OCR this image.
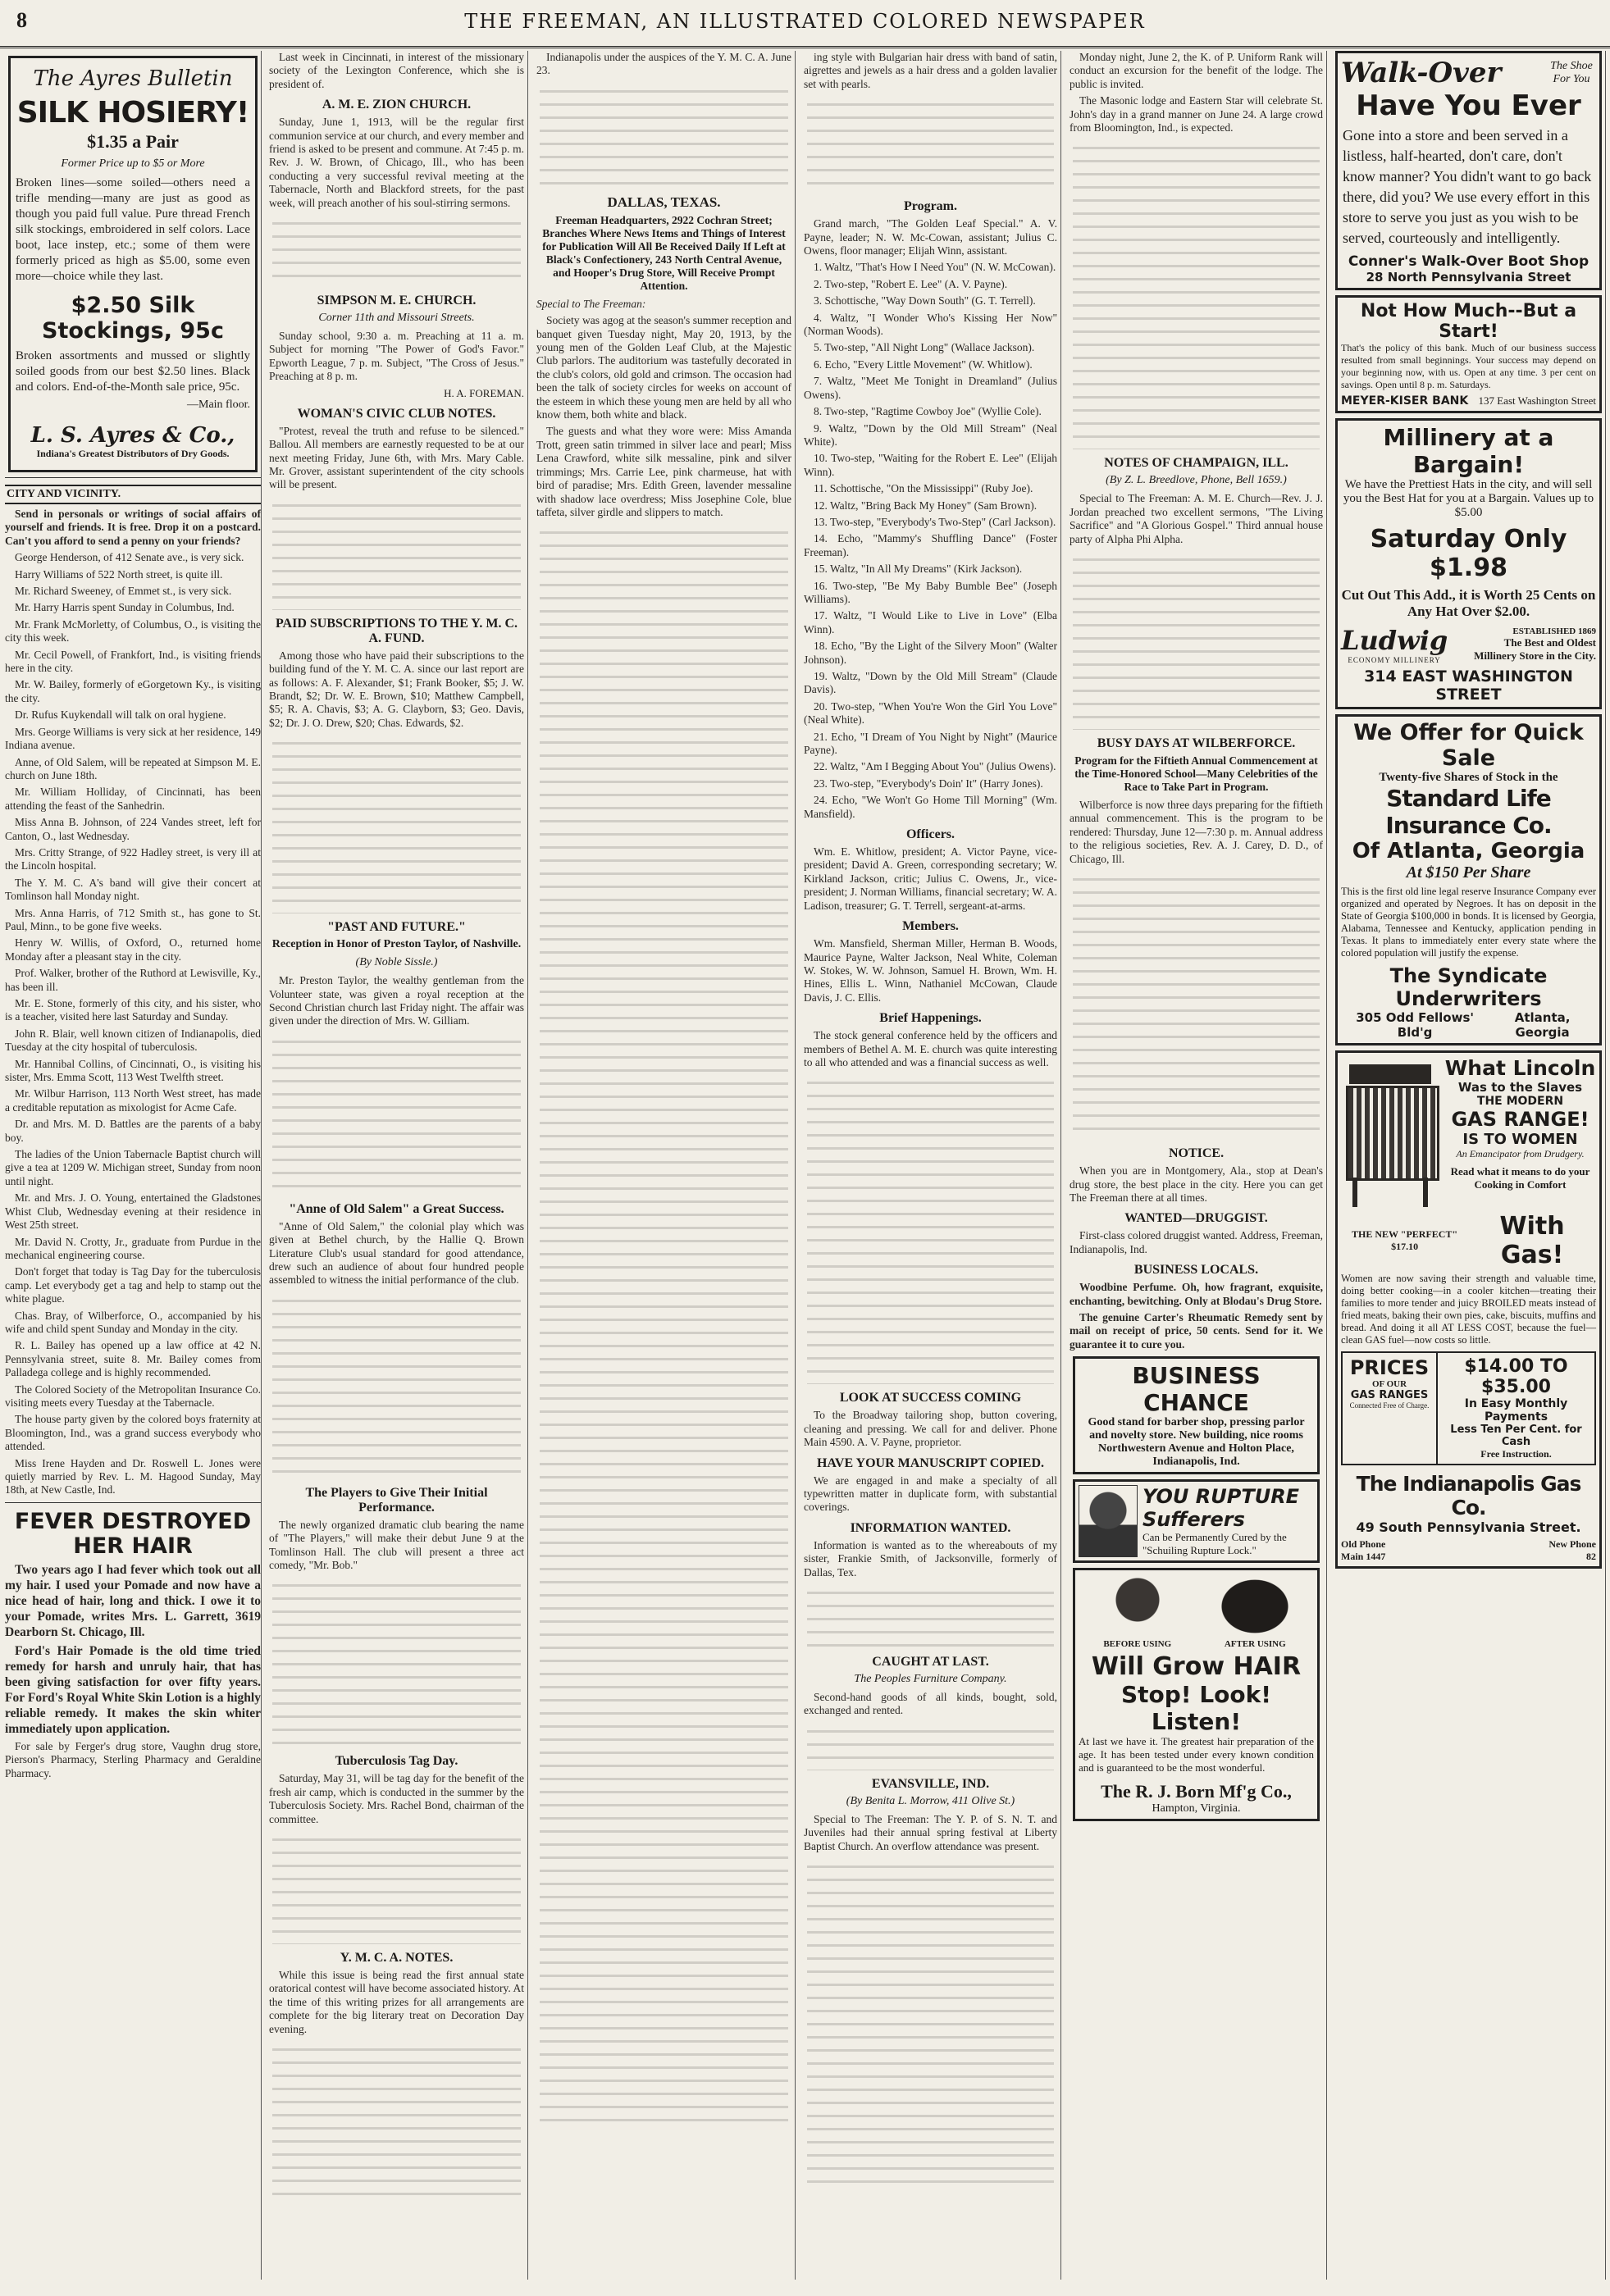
8	THE FREEMAN, AN ILLUSTRATED COLORED NEWSPAPER
The Ayres Bulletin
SILK HOSIERY!
$1.35 a Pair
Former Price up to $5 or More
Broken lines—some soiled—others need a trifle mending—many are just as good as though you paid full value. Pure thread French silk stockings, embroidered in self colors. Lace boot, lace instep, etc.; some of them were formerly priced as high as $5.00, some even more—choice while they last.
$2.50 Silk Stockings, 95c
Broken assortments and mussed or slightly soiled goods from our best $2.50 lines. Black and colors. End-of-the-Month sale price, 95c.
—Main floor.
L. S. Ayres & Co.,
Indiana's Greatest Distributors of Dry Goods.
CITY AND VICINITY.

Send in personals or writings of social affairs of yourself and friends. It is free. Drop it on a postcard. Can't you afford to send a penny on your friends?

George Henderson, of 412 Senate ave., is very sick.

Harry Williams of 522 North street, is quite ill.

Mr. Richard Sweeney, of Emmet st., is very sick.

Mr. Harry Harris spent Sunday in Columbus, Ind.

Mr. Frank McMorletty, of Columbus, O., is visiting the city this week.

Mr. Cecil Powell, of Frankfort, Ind., is visiting friends here in the city.

Mr. W. Bailey, formerly of eGorgetown Ky., is visiting the city.

Dr. Rufus Kuykendall will talk on oral hygiene.

Mrs. George Williams is very sick at her residence, 149 Indiana avenue.

Anne, of Old Salem, will be repeated at Simpson M. E. church on June 18th.

Mr. William Holliday, of Cincinnati, has been attending the feast of the Sanhedrin.

Miss Anna B. Johnson, of 224 Vandes street, left for Canton, O., last Wednesday.

Mrs. Critty Strange, of 922 Hadley street, is very ill at the Lincoln hospital.

The Y. M. C. A's band will give their concert at Tomlinson hall Monday night.

Mrs. Anna Harris, of 712 Smith st., has gone to St. Paul, Minn., to be gone five weeks.

Henry W. Willis, of Oxford, O., returned home Monday after a pleasant stay in the city.

Prof. Walker, brother of the Ruthord at Lewisville, Ky., has been ill.

Mr. E. Stone, formerly of this city, and his sister, who is a teacher, visited here last Saturday and Sunday.

John R. Blair, well known citizen of Indianapolis, died Tuesday at the city hospital of tuberculosis.

Mr. Hannibal Collins, of Cincinnati, O., is visiting his sister, Mrs. Emma Scott, 113 West Twelfth street.

Mr. Wilbur Harrison, 113 North West street, has made a creditable reputation as mixologist for Acme Cafe.

Dr. and Mrs. M. D. Battles are the parents of a baby boy.

The ladies of the Union Tabernacle Baptist church will give a tea at 1209 W. Michigan street, Sunday from noon until night.

Mr. and Mrs. J. O. Young, entertained the Gladstones Whist Club, Wednesday evening at their residence in West 25th street.

Mr. David N. Crotty, Jr., graduate from Purdue in the mechanical engineering course.

Don't forget that today is Tag Day for the tuberculosis camp. Let everybody get a tag and help to stamp out the white plague.

Chas. Bray, of Wilberforce, O., accompanied by his wife and child spent Sunday and Monday in the city.

R. L. Bailey has opened up a law office at 42 N. Pennsylvania street, suite 8. Mr. Bailey comes from Palladega college and is highly recommended.

The Colored Society of the Metropolitan Insurance Co. visiting meets every Tuesday at the Tabernacle.

The house party given by the colored boys fraternity at Bloomington, Ind., was a grand success everybody who attended.

Miss Irene Hayden and Dr. Roswell L. Jones were quietly married by Rev. L. M. Hagood Sunday, May 18th, at New Castle, Ind.

FEVER DESTROYED HER HAIR

Two years ago I had fever which took out all my hair. I used your Pomade and now have a nice head of hair, long and thick. I owe it to your Pomade, writes Mrs. L. Garrett, 3619 Dearborn St. Chicago, Ill.

Ford's Hair Pomade is the old time tried remedy for harsh and unruly hair, that has been giving satisfaction for over fifty years. For Ford's Royal White Skin Lotion is a highly reliable remedy. It makes the skin whiter immediately upon application.

For sale by Ferger's drug store, Vaughn drug store, Pierson's Pharmacy, Sterling Pharmacy and Geraldine Pharmacy.

Last week in Cincinnati, in interest of the missionary society of the Lexington Conference, which she is president of.

A. M. E. ZION CHURCH.

Sunday, June 1, 1913, will be the regular first communion service at our church, and every member and friend is asked to be present and commune. At 7:45 p. m. Rev. J. W. Brown, of Chicago, Ill., who has been conducting a very successful revival meeting at the Tabernacle, North and Blackford streets, for the past week, will preach another of his soul-stirring sermons.

SIMPSON M. E. CHURCH.
Corner 11th and Missouri Streets.

Sunday school, 9:30 a. m. Preaching at 11 a. m. Subject for morning "The Power of God's Favor." Epworth League, 7 p. m. Subject, "The Cross of Jesus." Preaching at 8 p. m.

H. A. FOREMAN.
WOMAN'S CIVIC CLUB NOTES.

"Protest, reveal the truth and refuse to be silenced." Ballou. All members are earnestly requested to be at our next meeting Friday, June 6th, with Mrs. Mary Cable. Mr. Grover, assistant superintendent of the city schools will be present.

PAID SUBSCRIPTIONS TO THE Y. M. C. A. FUND.

Among those who have paid their subscriptions to the building fund of the Y. M. C. A. since our last report are as follows: A. F. Alexander, $1; Frank Booker, $5; J. W. Brandt, $2; Dr. W. E. Brown, $10; Matthew Campbell, $5; R. A. Chavis, $3; A. G. Clayborn, $3; Geo. Davis, $2; Dr. J. O. Drew, $20; Chas. Edwards, $2.

"PAST AND FUTURE."
Reception in Honor of Preston Taylor, of Nashville.
(By Noble Sissle.)

Mr. Preston Taylor, the wealthy gentleman from the Volunteer state, was given a royal reception at the Second Christian church last Friday night. The affair was given under the direction of Mrs. W. Gilliam.

"Anne of Old Salem" a Great Success.

"Anne of Old Salem," the colonial play which was given at Bethel church, by the Hallie Q. Brown Literature Club's usual standard for good attendance, drew such an audience of about four hundred people assembled to witness the initial performance of the club.

The Players to Give Their Initial Performance.

The newly organized dramatic club bearing the name of "The Players," will make their debut June 9 at the Tomlinson Hall. The club will present a three act comedy, "Mr. Bob."

Tuberculosis Tag Day.

Saturday, May 31, will be tag day for the benefit of the fresh air camp, which is conducted in the summer by the Tuberculosis Society. Mrs. Rachel Bond, chairman of the committee.

Y. M. C. A. NOTES.

While this issue is being read the first annual state oratorical contest will have become associated history. At the time of this writing prizes for all arrangements are complete for the big literary treat on Decoration Day evening.

Indianapolis under the auspices of the Y. M. C. A. June 23.

DALLAS, TEXAS.
Freeman Headquarters, 2922 Cochran Street; Branches Where News Items and Things of Interest for Publication Will All Be Received Daily If Left at Black's Confectionery, 243 North Central Avenue, and Hooper's Drug Store, Will Receive Prompt Attention.

Special to The Freeman:

Society was agog at the season's summer reception and banquet given Tuesday night, May 20, 1913, by the young men of the Golden Leaf Club, at the Majestic Club parlors. The auditorium was tastefully decorated in the club's colors, old gold and crimson. The occasion had been the talk of society circles for weeks on account of the esteem in which these young men are held by all who know them, both white and black.

The guests and what they wore were: Miss Amanda Trott, green satin trimmed in silver lace and pearl; Miss Lena Crawford, white silk messaline, pink and silver trimmings; Mrs. Carrie Lee, pink charmeuse, hat with bird of paradise; Mrs. Edith Green, lavender messaline with shadow lace overdress; Miss Josephine Cole, blue taffeta, silver girdle and slippers to match.

ing style with Bulgarian hair dress with band of satin, aigrettes and jewels as a hair dress and a golden lavalier set with pearls.

Program.

Grand march, "The Golden Leaf Special." A. V. Payne, leader; N. W. Mc-Cowan, assistant; Julius C. Owens, floor manager; Elijah Winn, assistant.

1. Waltz, "That's How I Need You" (N. W. McCowan).

2. Two-step, "Robert E. Lee" (A. V. Payne).

3. Schottische, "Way Down South" (G. T. Terrell).

4. Waltz, "I Wonder Who's Kissing Her Now" (Norman Woods).

5. Two-step, "All Night Long" (Wallace Jackson).

6. Echo, "Every Little Movement" (W. Whitlow).

7. Waltz, "Meet Me Tonight in Dreamland" (Julius Owens).

8. Two-step, "Ragtime Cowboy Joe" (Wyllie Cole).

9. Waltz, "Down by the Old Mill Stream" (Neal White).

10. Two-step, "Waiting for the Robert E. Lee" (Elijah Winn).

11. Schottische, "On the Mississippi" (Ruby Joe).

12. Waltz, "Bring Back My Honey" (Sam Brown).

13. Two-step, "Everybody's Two-Step" (Carl Jackson).

14. Echo, "Mammy's Shuffling Dance" (Foster Freeman).

15. Waltz, "In All My Dreams" (Kirk Jackson).

16. Two-step, "Be My Baby Bumble Bee" (Joseph Williams).

17. Waltz, "I Would Like to Live in Love" (Elba Winn).

18. Echo, "By the Light of the Silvery Moon" (Walter Johnson).

19. Waltz, "Down by the Old Mill Stream" (Claude Davis).

20. Two-step, "When You're Won the Girl You Love" (Neal White).

21. Echo, "I Dream of You Night by Night" (Maurice Payne).

22. Waltz, "Am I Begging About You" (Julius Owens).

23. Two-step, "Everybody's Doin' It" (Harry Jones).

24. Echo, "We Won't Go Home Till Morning" (Wm. Mansfield).

Officers.

Wm. E. Whitlow, president; A. Victor Payne, vice-president; David A. Green, corresponding secretary; W. Kirkland Jackson, critic; Julius C. Owens, Jr., vice-president; J. Norman Williams, financial secretary; W. A. Ladison, treasurer; G. T. Terrell, sergeant-at-arms.

Members.

Wm. Mansfield, Sherman Miller, Herman B. Woods, Maurice Payne, Walter Jackson, Neal White, Coleman W. Stokes, W. W. Johnson, Samuel H. Brown, Wm. H. Hines, Ellis L. Winn, Nathaniel McCowan, Claude Davis, J. C. Ellis.

Brief Happenings.

The stock general conference held by the officers and members of Bethel A. M. E. church was quite interesting to all who attended and was a financial success as well.

LOOK AT SUCCESS COMING

To the Broadway tailoring shop, button covering, cleaning and pressing. We call for and deliver. Phone Main 4590. A. V. Payne, proprietor.

HAVE YOUR MANUSCRIPT COPIED.

We are engaged in and make a specialty of all typewritten matter in duplicate form, with substantial coverings.

INFORMATION WANTED.

Information is wanted as to the whereabouts of my sister, Frankie Smith, of Jacksonville, formerly of Dallas, Tex.

CAUGHT AT LAST.
The Peoples Furniture Company.

Second-hand goods of all kinds, bought, sold, exchanged and rented.

EVANSVILLE, IND.
(By Benita L. Morrow, 411 Olive St.)

Special to The Freeman: The Y. P. of S. N. T. and Juveniles had their annual spring festival at Liberty Baptist Church. An overflow attendance was present.

Monday night, June 2, the K. of P. Uniform Rank will conduct an excursion for the benefit of the lodge. The public is invited.

The Masonic lodge and Eastern Star will celebrate St. John's day in a grand manner on June 24. A large crowd from Bloomington, Ind., is expected.

NOTES OF CHAMPAIGN, ILL.
(By Z. L. Breedlove, Phone, Bell 1659.)

Special to The Freeman: A. M. E. Church—Rev. J. J. Jordan preached two excellent sermons, "The Living Sacrifice" and "A Glorious Gospel." Third annual house party of Alpha Phi Alpha.

BUSY DAYS AT WILBERFORCE.
Program for the Fiftieth Annual Commencement at the Time-Honored School—Many Celebrities of the Race to Take Part in Program.

Wilberforce is now three days preparing for the fiftieth annual commencement. This is the program to be rendered: Thursday, June 12—7:30 p. m. Annual address to the religious societies, Rev. A. J. Carey, D. D., of Chicago, Ill.

NOTICE.

When you are in Montgomery, Ala., stop at Dean's drug store, the best place in the city. Here you can get The Freeman there at all times.

WANTED—DRUGGIST.

First-class colored druggist wanted. Address, Freeman, Indianapolis, Ind.

BUSINESS LOCALS.

Woodbine Perfume. Oh, how fragrant, exquisite, enchanting, bewitching. Only at Blodau's Drug Store.

The genuine Carter's Rheumatic Remedy sent by mail on receipt of price, 50 cents. Send for it. We guarantee it to cure you.

BUSINESS CHANCE
Good stand for barber shop, pressing parlor and novelty store. New building, nice rooms Northwestern Avenue and Holton Place, Indianapolis, Ind.
YOU RUPTURE Sufferers
Can be Permanently Cured by the "Schuiling Rupture Lock."
BEFORE USING	AFTER USING
Will Grow HAIR
Stop! Look! Listen!
At last we have it. The greatest hair preparation of the age. It has been tested under every known condition and is guaranteed to be the most wonderful.
The R. J. Born Mf'g Co.,
Hampton, Virginia.
Walk-Over	The Shoe For You
Have You Ever
Gone into a store and been served in a listless, half-hearted, don't care, don't know manner? You didn't want to go back there, did you? We use every effort in this store to serve you just as you wish to be served, courteously and intelligently.
Conner's Walk-Over Boot Shop
28 North Pennsylvania Street
Not How Much--But a Start!
That's the policy of this bank. Much of our business success resulted from small beginnings. Your success may depend on your beginning now, with us. Open at any time. 3 per cent on savings. Open until 8 p. m. Saturdays.
MEYER-KISER BANK 137 East Washington Street
Millinery at a Bargain!
We have the Prettiest Hats in the city, and will sell you the Best Hat for you at a Bargain. Values up to $5.00
Saturday Only $1.98
Cut Out This Add., it is Worth 25 Cents on Any Hat Over $2.00.
Ludwig
ECONOMY MILLINERY
ESTABLISHED 1869
The Best and Oldest Millinery Store in the City.
314 EAST WASHINGTON STREET
We Offer for Quick Sale
Twenty-five Shares of Stock in the
Standard Life Insurance Co.
Of Atlanta, Georgia
At $150 Per Share
This is the first old line legal reserve Insurance Company ever organized and operated by Negroes. It has on deposit in the State of Georgia $100,000 in bonds. It is licensed by Georgia, Alabama, Tennessee and Kentucky, application pending in Texas. It plans to immediately enter every state where the colored population will justify the expense.
The Syndicate Underwriters
305 Odd Fellows' Bld'g
Atlanta, Georgia
What Lincoln
Was to the Slaves
THE MODERN
GAS RANGE!
IS TO WOMEN
An Emancipator from Drudgery.
Read what it means to do your Cooking in Comfort
THE NEW "PERFECT" $17.10
With Gas!
Women are now saving their strength and valuable time, doing better cooking—in a cooler kitchen—treating their families to more tender and juicy BROILED meats instead of fried meats, baking their own pies, cake, biscuits, muffins and bread. And doing it all AT LESS COST, because the fuel—clean GAS fuel—now costs so little.
PRICES
OF OUR
GAS RANGES
Connected Free of Charge.
$14.00 TO $35.00
In Easy Monthly Payments
Less Ten Per Cent. for Cash
Free Instruction.
The Indianapolis Gas Co.
49 South Pennsylvania Street.
Old Phone
Main 1447
New Phone
82
